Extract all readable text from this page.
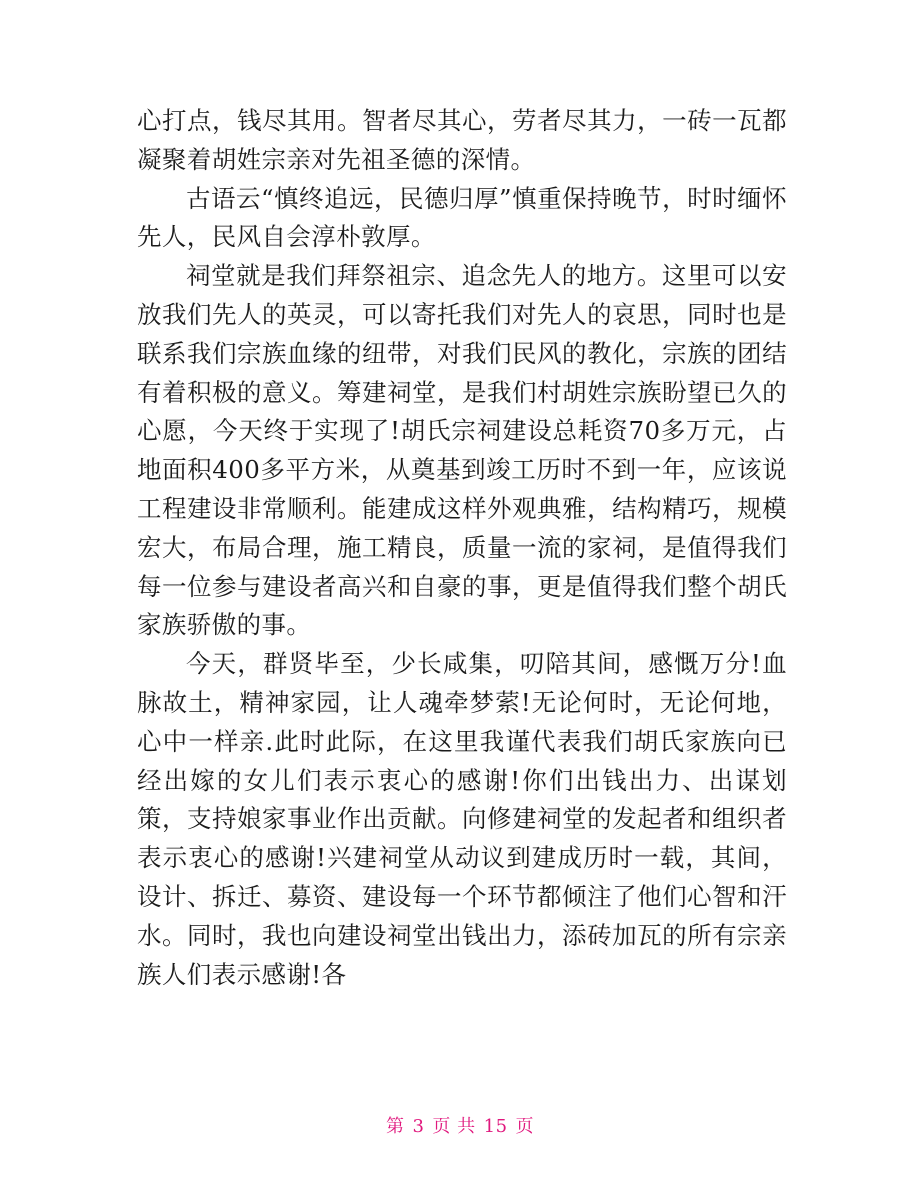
心打点，钱尽其用。智者尽其心，劳者尽其力，一砖一瓦都凝聚着胡姓宗亲对先祖圣德的深情。

古语云“慎终追远，民德归厚”慎重保持晚节，时时缅怀先人，民风自会淳朴敦厚。

祠堂就是我们拜祭祖宗、追念先人的地方。这里可以安放我们先人的英灵，可以寄托我们对先人的哀思，同时也是联系我们宗族血缘的纽带，对我们民风的教化，宗族的团结有着积极的意义。筹建祠堂，是我们村胡姓宗族盼望已久的心愿，今天终于实现了!胡氏宗祠建设总耗资70多万元，占地面积400多平方米，从奠基到竣工历时不到一年，应该说工程建设非常顺利。能建成这样外观典雅，结构精巧，规模宏大，布局合理，施工精良，质量一流的家祠，是值得我们每一位参与建设者高兴和自豪的事，更是值得我们整个胡氏家族骄傲的事。

今天，群贤毕至，少长咸集，叨陪其间，感慨万分!血脉故土，精神家园，让人魂牵梦萦!无论何时，无论何地，心中一样亲.此时此际，在这里我谨代表我们胡氏家族向已经出嫁的女儿们表示衷心的感谢!你们出钱出力、出谋划策，支持娘家事业作出贡献。向修建祠堂的发起者和组织者表示衷心的感谢!兴建祠堂从动议到建成历时一载，其间，设计、拆迁、募资、建设每一个环节都倾注了他们心智和汗水。同时，我也向建设祠堂出钱出力，添砖加瓦的所有宗亲族人们表示感谢!各

第 3 页 共 15 页
